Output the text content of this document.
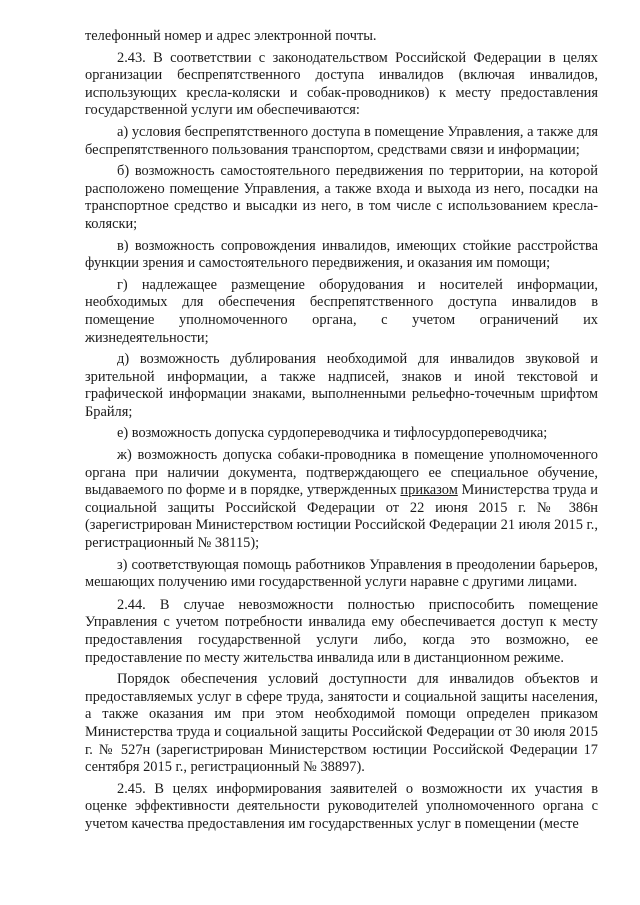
телефонный номер и адрес электронной почты.

2.43. В соответствии с законодательством Российской Федерации в целях организации беспрепятственного доступа инвалидов (включая инвалидов, использующих кресла-коляски и собак-проводников) к месту предоставления государственной услуги им обеспечиваются:

а) условия беспрепятственного доступа в помещение Управления, а также для беспрепятственного пользования транспортом, средствами связи и информации;

б) возможность самостоятельного передвижения по территории, на которой расположено помещение Управления, а также входа и выхода из него, посадки на транспортное средство и высадки из него, в том числе с использованием кресла-коляски;

в) возможность сопровождения инвалидов, имеющих стойкие расстройства функции зрения и самостоятельного передвижения, и оказания им помощи;

г) надлежащее размещение оборудования и носителей информации, необходимых для обеспечения беспрепятственного доступа инвалидов в помещение уполномоченного органа, с учетом ограничений их жизнедеятельности;

д) возможность дублирования необходимой для инвалидов звуковой и зрительной информации, а также надписей, знаков и иной текстовой и графической информации знаками, выполненными рельефно-точечным шрифтом Брайля;

е) возможность допуска сурдопереводчика и тифлосурдопереводчика;

ж) возможность допуска собаки-проводника в помещение уполномоченного органа при наличии документа, подтверждающего ее специальное обучение, выдаваемого по форме и в порядке, утвержденных приказом Министерства труда и социальной защиты Российской Федерации от 22 июня 2015 г. № 386н (зарегистрирован Министерством юстиции Российской Федерации 21 июля 2015 г., регистрационный № 38115);

з) соответствующая помощь работников Управления в преодолении барьеров, мешающих получению ими государственной услуги наравне с другими лицами.

2.44. В случае невозможности полностью приспособить помещение Управления с учетом потребности инвалида ему обеспечивается доступ к месту предоставления государственной услуги либо, когда это возможно, ее предоставление по месту жительства инвалида или в дистанционном режиме.

Порядок обеспечения условий доступности для инвалидов объектов и предоставляемых услуг в сфере труда, занятости и социальной защиты населения, а также оказания им при этом необходимой помощи определен приказом Министерства труда и социальной защиты Российской Федерации от 30 июля 2015 г. № 527н (зарегистрирован Министерством юстиции Российской Федерации 17 сентября 2015 г., регистрационный № 38897).

2.45. В целях информирования заявителей о возможности их участия в оценке эффективности деятельности руководителей уполномоченного органа с учетом качества предоставления им государственных услуг в помещении (месте
